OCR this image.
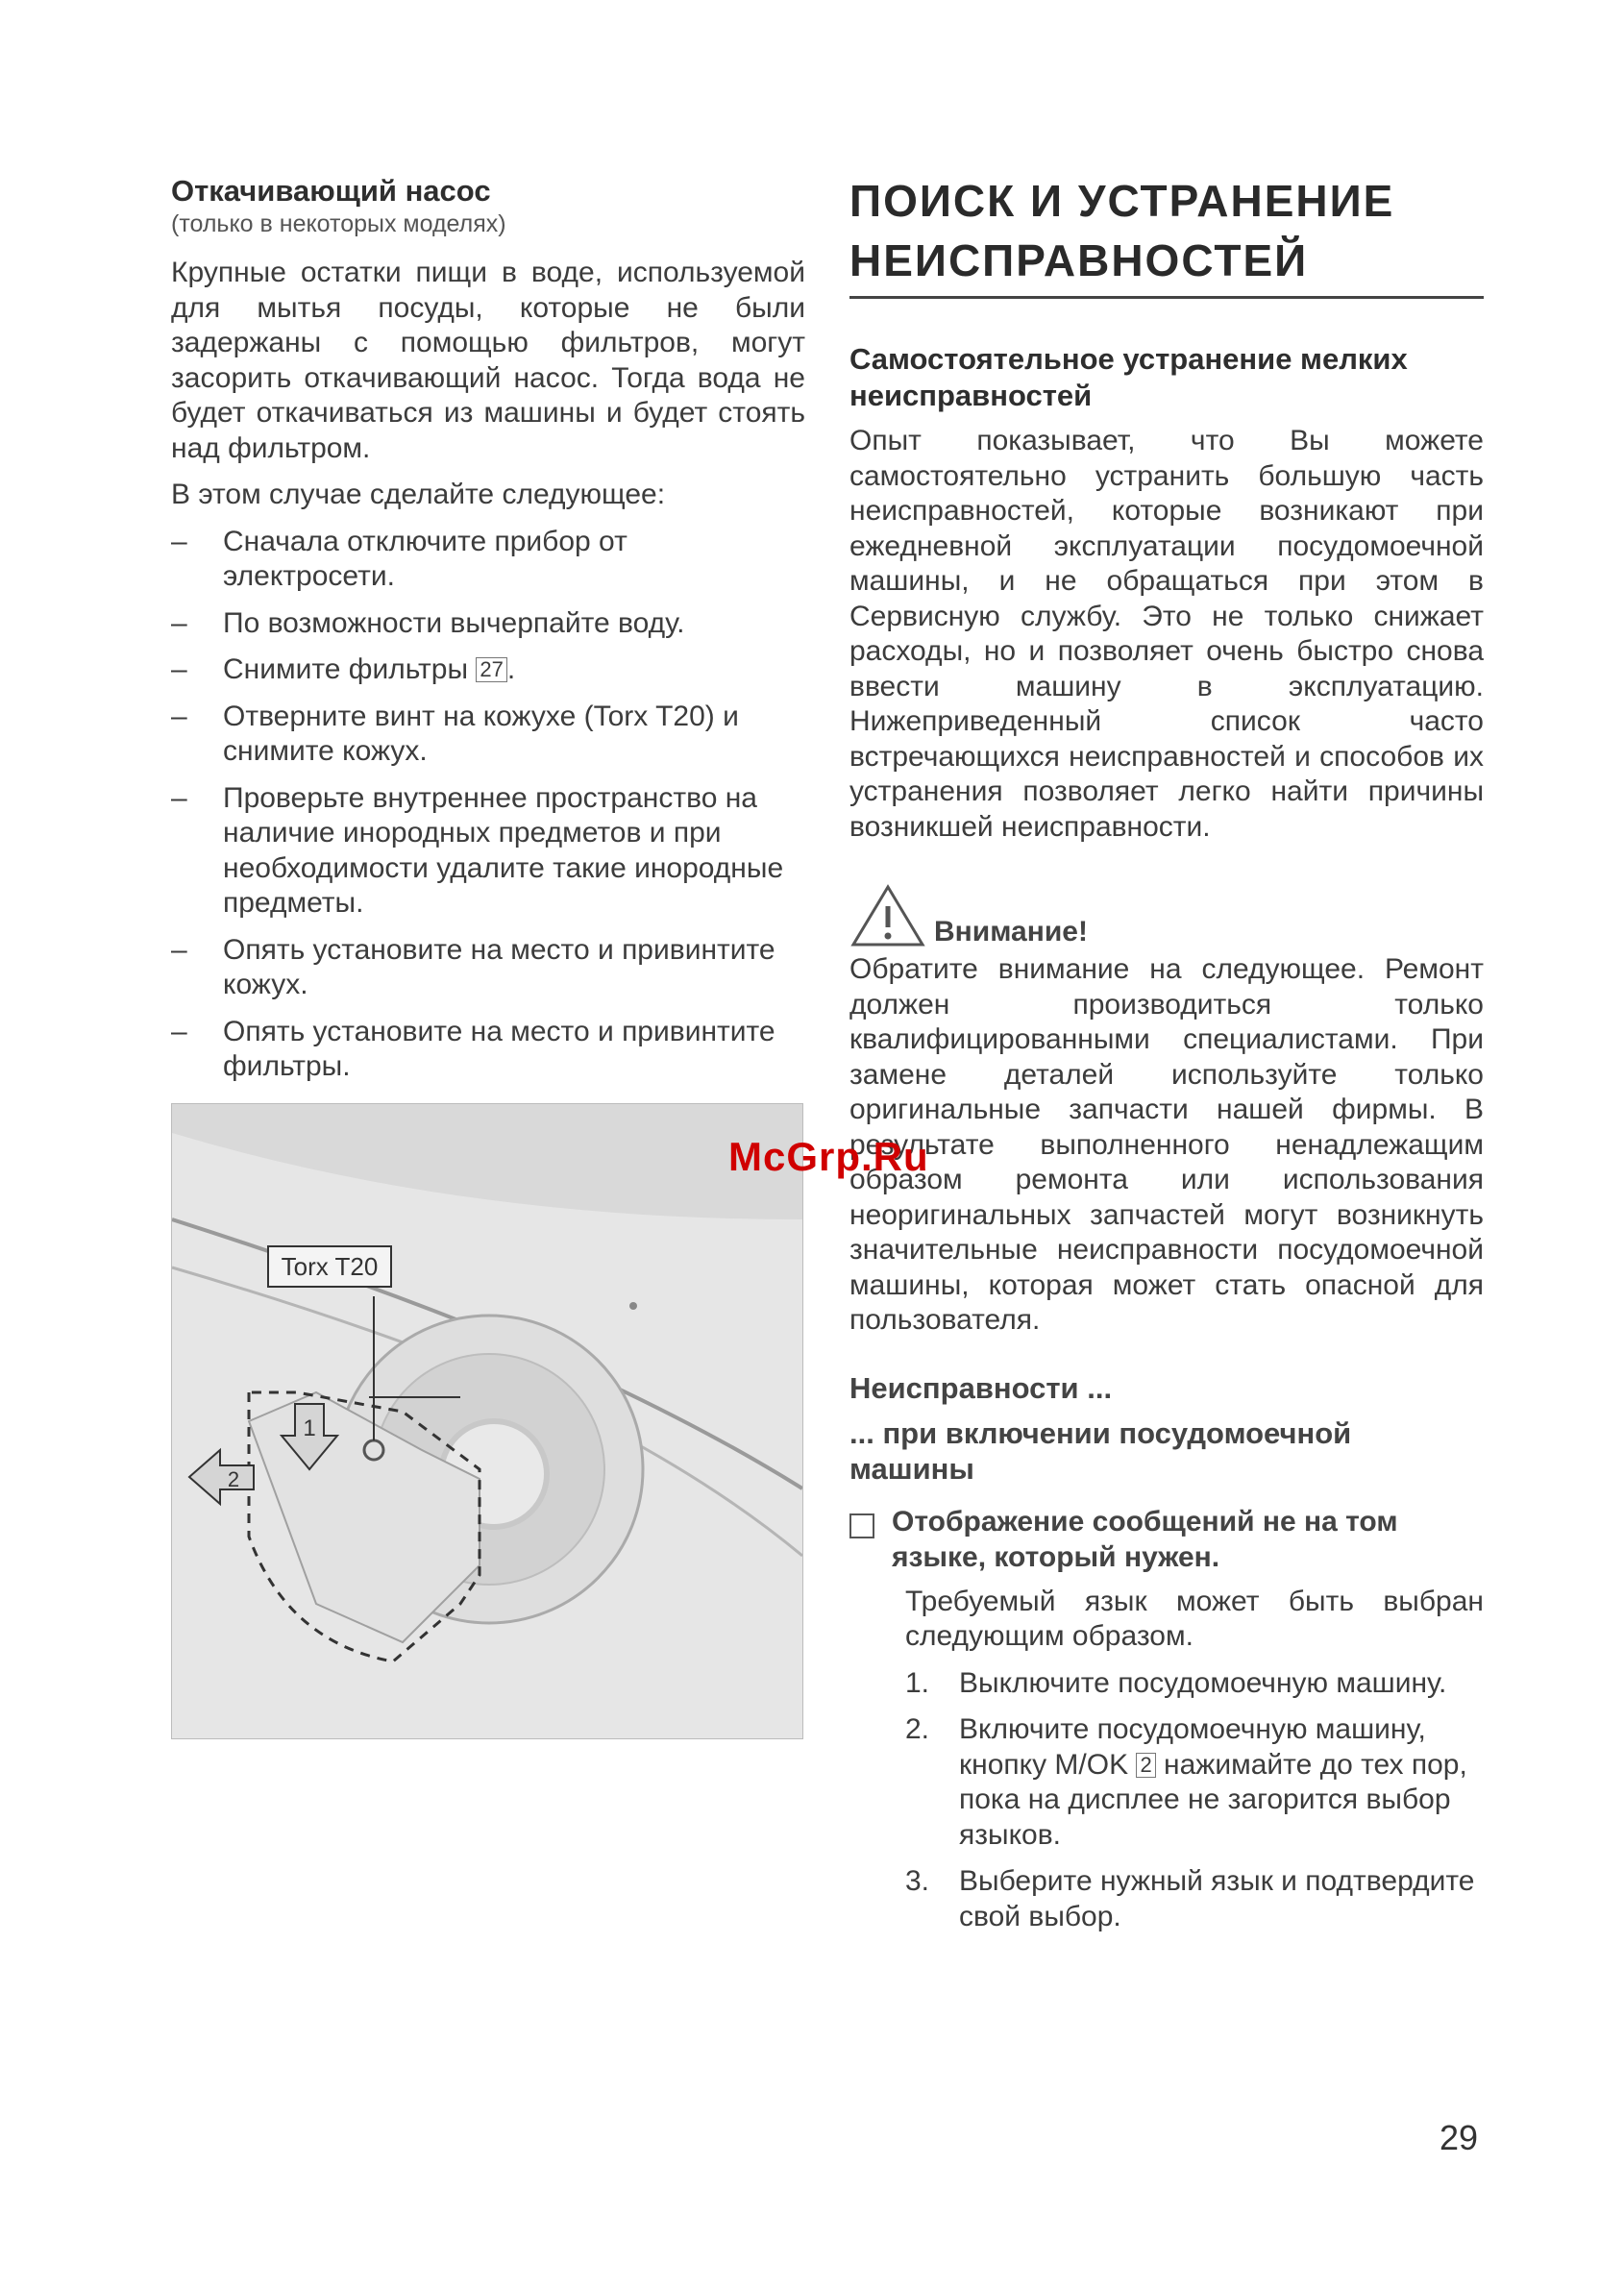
Откачивающий насос

(только в некоторых моделях)

Крупные остатки пищи в воде, используемой для мытья посуды, которые не были задержаны с помощью фильтров, могут засорить откачивающий насос. Тогда вода не будет откачиваться из машины и будет стоять над фильтром.

В этом случае сделайте следующее:

– Сначала отключите прибор от электросети.
– По возможности вычерпайте воду.
– Снимите фильтры 27 .
– Отверните винт на кожухе (Torx T20) и снимите кожух.
– Проверьте внутреннее пространство на наличие инородных предметов и при необходимости удалите такие инородные предметы.
– Опять установите на место и привинтите кожух.
– Опять установите на место и привинтите фильтры.
Torx T20
1
2
ПОИСК И УСТРАНЕНИЕ
НЕИСПРАВНОСТЕЙ
Самостоятельное устранение мелких неисправностей

Опыт показывает, что Вы можете самостоятельно устранить большую часть неисправностей, которые возникают при ежедневной эксплуатации посудомоечной машины, и не обращаться при этом в Сервисную службу. Это не только снижает расходы, но и позволяет очень быстро снова ввести машину в эксплуатацию. Нижеприведенный список часто встречающихся неисправностей и способов их устранения позволяет легко найти причины возникшей неисправности.

Внимание!

Обратите внимание на следующее. Ремонт должен производиться только квалифицированными специалистами. При замене деталей используйте только оригинальные запчасти нашей фирмы. В результате выполненного ненадлежащим образом ремонта или использования неоригинальных запчастей могут возникнуть значительные неисправности посудомоечной машины, которая может стать опасной для пользователя.

Неисправности ...
... при включении посудомоечной машины
Отображение сообщений не на том языке, который нужен.

Требуемый язык может быть выбран следующим образом.

1. Выключите посудомоечную машину.
2. Включите посудомоечную машину, кнопку M/OK 2 нажимайте до тех пор, пока на дисплее не загорится выбор языков.
3. Выберите нужный язык и подтвердите свой выбор.
McGrp.Ru
29
